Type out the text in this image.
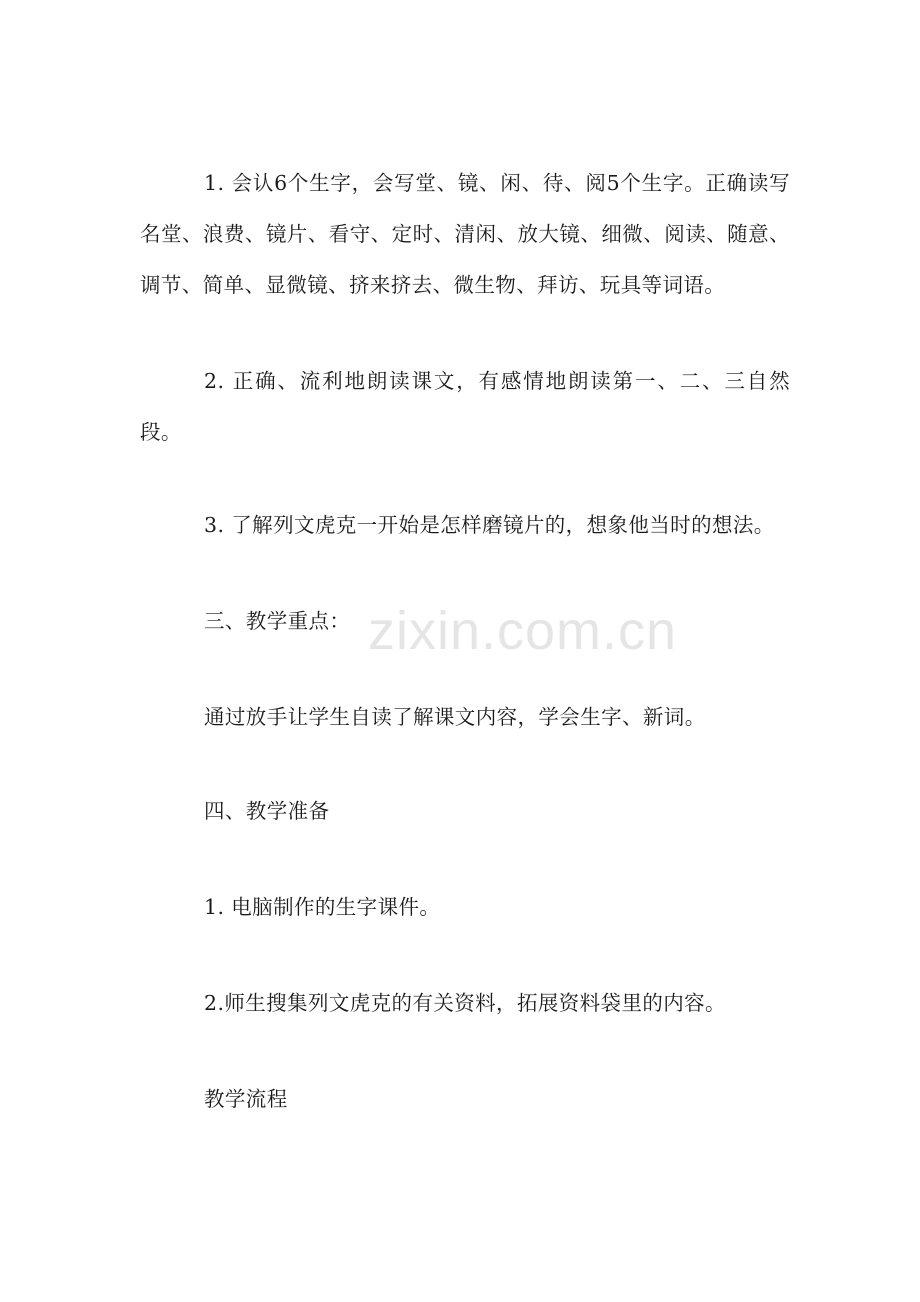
1. 会认6个生字，会写堂、镜、闲、待、阅5个生字。正确读写名堂、浪费、镜片、看守、定时、清闲、放大镜、细微、阅读、随意、调节、简单、显微镜、挤来挤去、微生物、拜访、玩具等词语。

2. 正确、流利地朗读课文，有感情地朗读第一、二、三自然段。

3. 了解列文虎克一开始是怎样磨镜片的，想象他当时的想法。

三、教学重点：

通过放手让学生自读了解课文内容，学会生字、新词。

四、教学准备

1. 电脑制作的生字课件。

2.师生搜集列文虎克的有关资料，拓展资料袋里的内容。

教学流程

zixin.com.cn
